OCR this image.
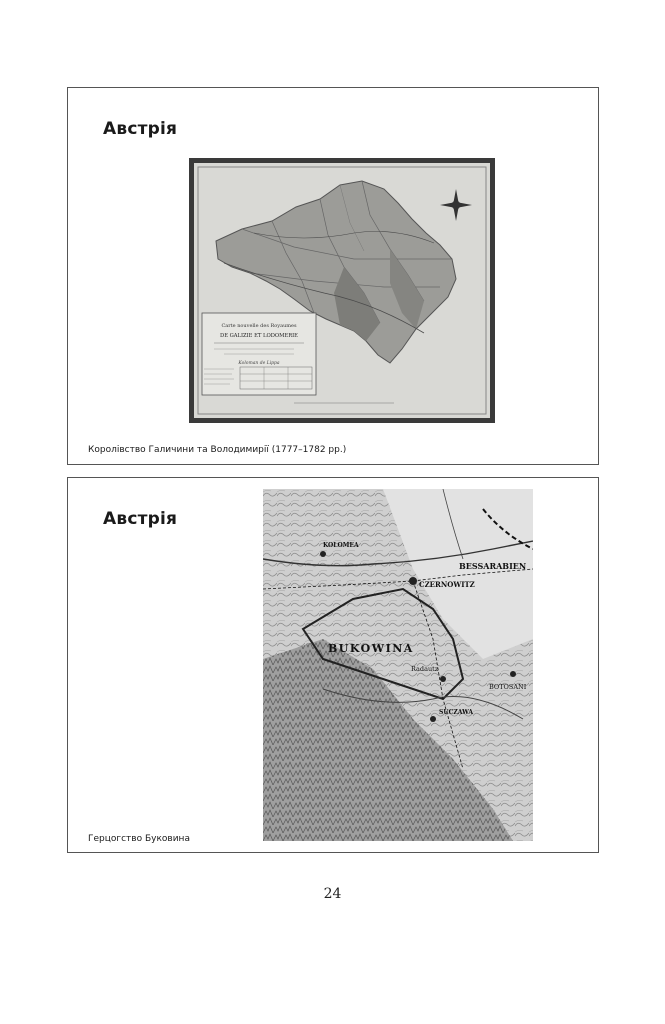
Австрія
Carte nouvelle des Royaumes
DE GALIZIE ET LODOMERIE
Koloman de Lippa
Королівство Галичини та Володимирії (1777–1782 рр.)
Австрія
BUKOWINA
BESSARABIEN
CZERNOWITZ
KOLOMEA
Radautz
BOTOSANI
SUCZAWA
Герцогство Буковина
24
